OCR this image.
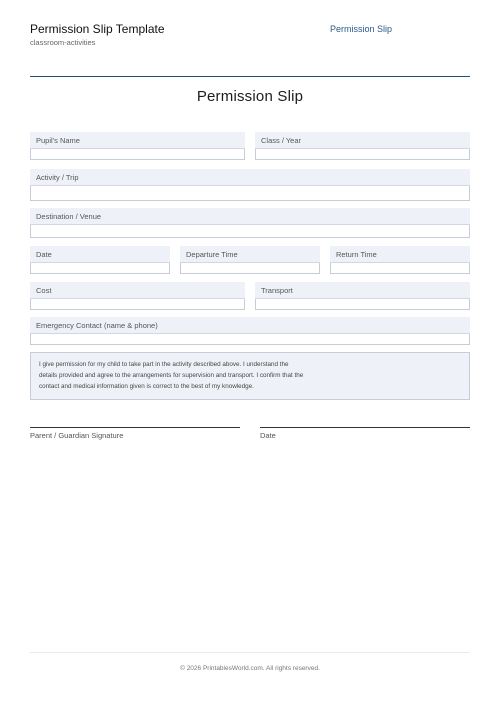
Permission Slip Template
classroom-activities
Permission Slip
Permission Slip
Pupil's Name	Class / Year
Activity / Trip
Destination / Venue
Date	Departure Time	Return Time
Cost	Transport
Emergency Contact (name & phone)
I give permission for my child to take part in the activity described above. I understand the
details provided and agree to the arrangements for supervision and transport. I confirm that the
contact and medical information given is correct to the best of my knowledge.
Parent / Guardian Signature	Date
© 2026 PrintablesWorld.com. All rights reserved.
